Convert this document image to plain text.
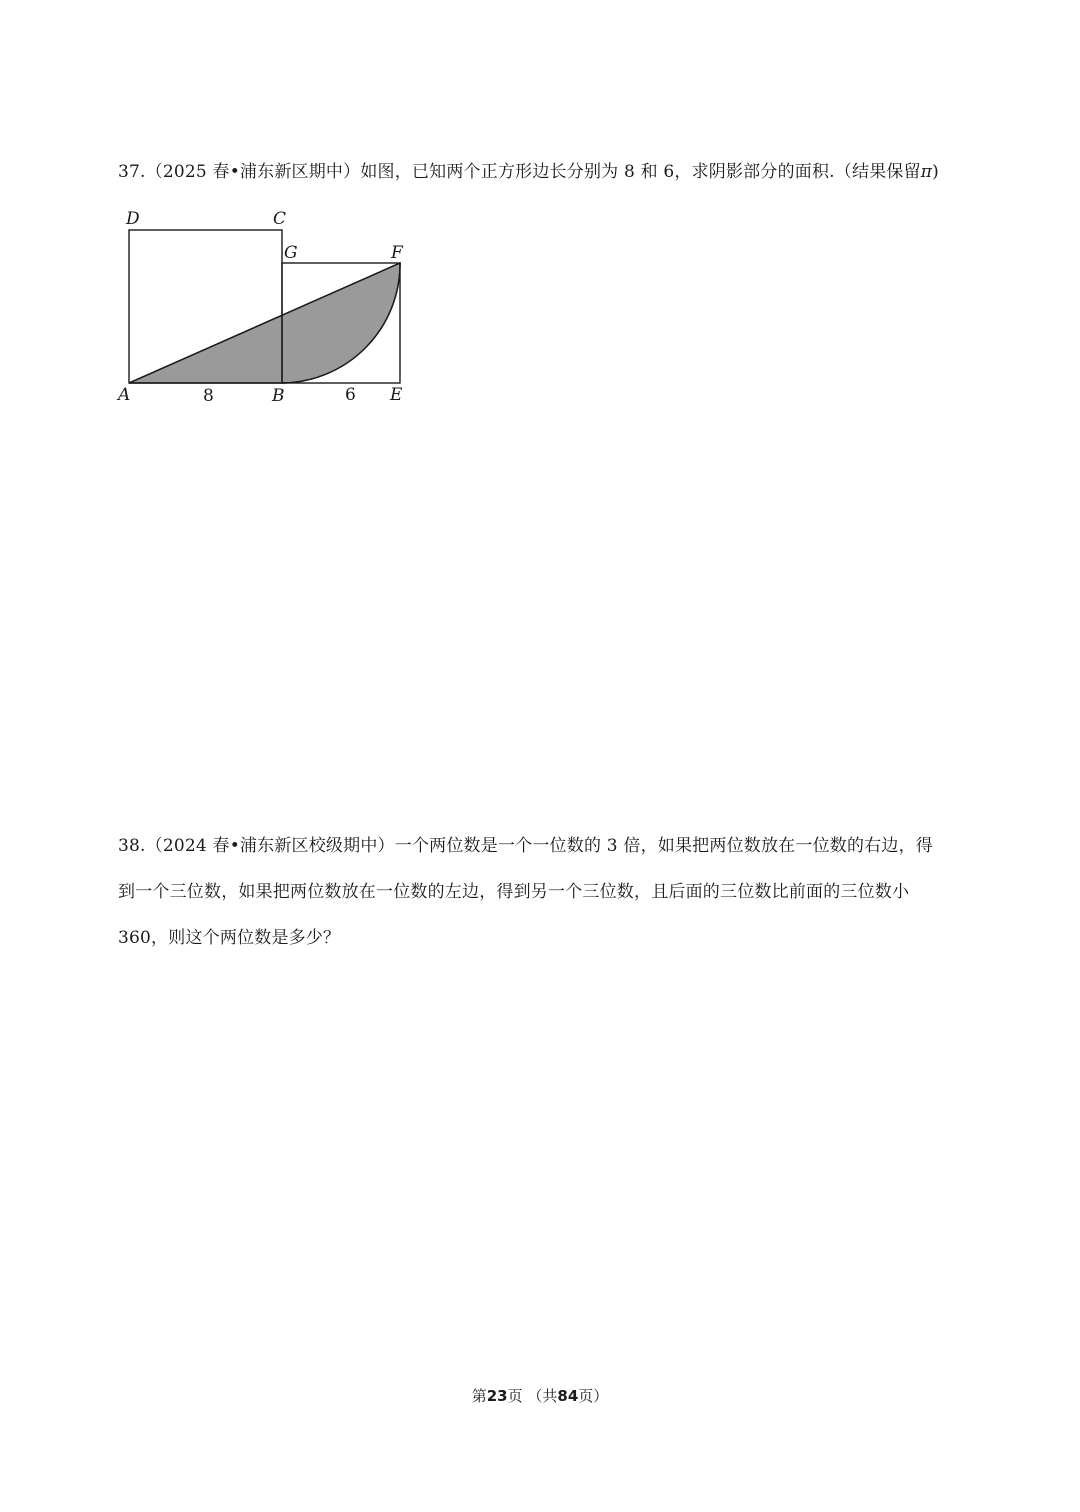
37.（2025 春•浦东新区期中）如图，已知两个正方形边长分别为 8 和 6，求阴影部分的面积.（结果保留π)

D	C
G	F
A	B	E
8	6

38.（2024 春•浦东新区校级期中）一个两位数是一个一位数的 3 倍，如果把两位数放在一位数的右边，得

到一个三位数，如果把两位数放在一位数的左边，得到另一个三位数，且后面的三位数比前面的三位数小

360，则这个两位数是多少？

第23页 （共84页）
